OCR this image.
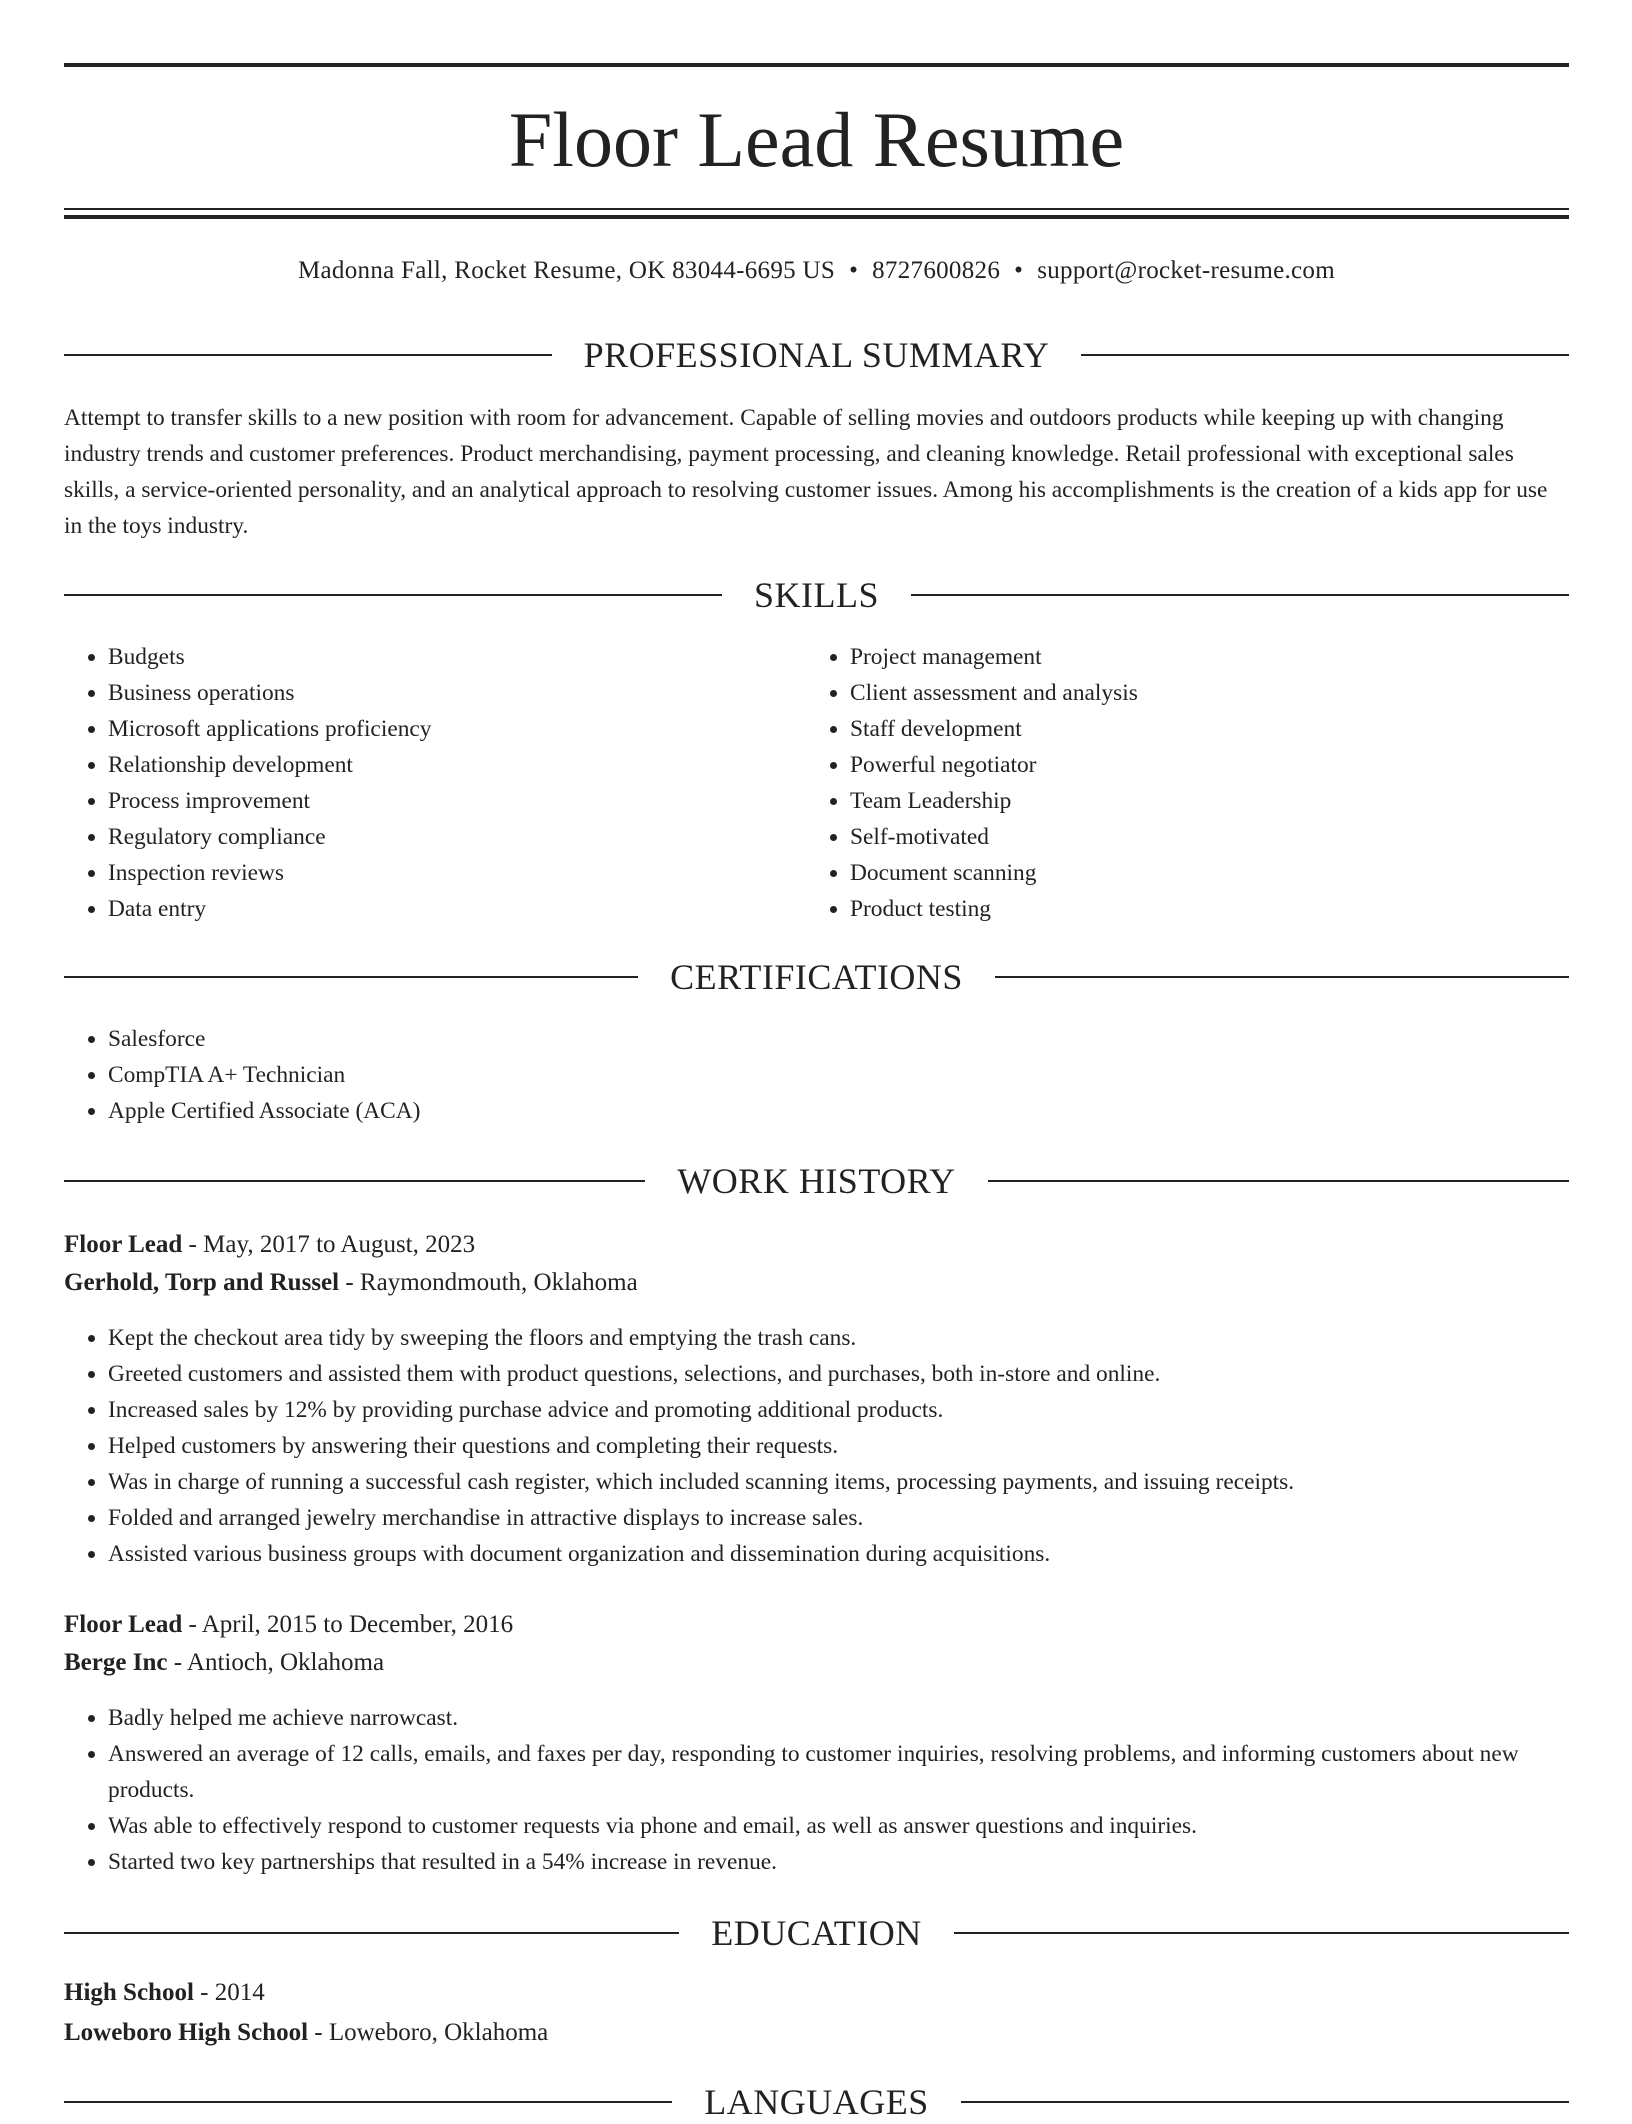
Floor Lead Resume
Madonna Fall, Rocket Resume, OK 83044-6695 US • 8727600826 • support@rocket-resume.com
PROFESSIONAL SUMMARY

Attempt to transfer skills to a new position with room for advancement. Capable of selling movies and outdoors products while keeping up with changing industry trends and customer preferences. Product merchandising, payment processing, and cleaning knowledge. Retail professional with exceptional sales skills, a service-oriented personality, and an analytical approach to resolving customer issues. Among his accomplishments is the creation of a kids app for use in the toys industry.

SKILLS
• Budgets
• Business operations
• Microsoft applications proficiency
• Relationship development
• Process improvement
• Regulatory compliance
• Inspection reviews
• Data entry
• Project management
• Client assessment and analysis
• Staff development
• Powerful negotiator
• Team Leadership
• Self-motivated
• Document scanning
• Product testing
CERTIFICATIONS
• Salesforce
• CompTIA A+ Technician
• Apple Certified Associate (ACA)
WORK HISTORY
Floor Lead - May, 2017 to August, 2023
Gerhold, Torp and Russel - Raymondmouth, Oklahoma
• Kept the checkout area tidy by sweeping the floors and emptying the trash cans.
• Greeted customers and assisted them with product questions, selections, and purchases, both in-store and online.
• Increased sales by 12% by providing purchase advice and promoting additional products.
• Helped customers by answering their questions and completing their requests.
• Was in charge of running a successful cash register, which included scanning items, processing payments, and issuing receipts.
• Folded and arranged jewelry merchandise in attractive displays to increase sales.
• Assisted various business groups with document organization and dissemination during acquisitions.
Floor Lead - April, 2015 to December, 2016
Berge Inc - Antioch, Oklahoma
• Badly helped me achieve narrowcast.
• Answered an average of 12 calls, emails, and faxes per day, responding to customer inquiries, resolving problems, and informing customers about new products.
• Was able to effectively respond to customer requests via phone and email, as well as answer questions and inquiries.
• Started two key partnerships that resulted in a 54% increase in revenue.
EDUCATION
High School - 2014
Loweboro High School - Loweboro, Oklahoma
LANGUAGES
